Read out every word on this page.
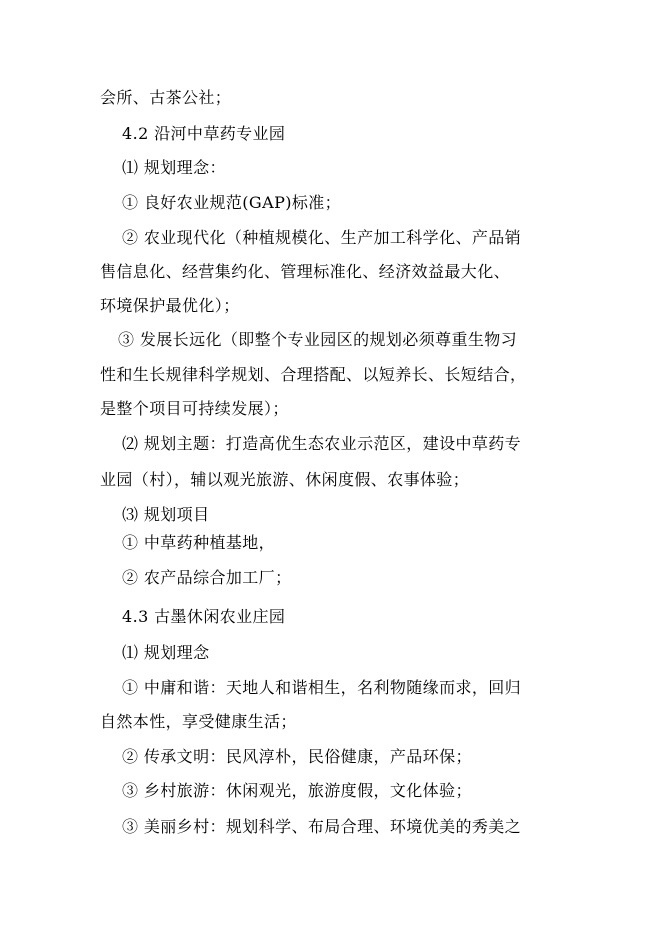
会所、古茶公社；
4.2 沿河中草药专业园
⑴ 规划理念：
① 良好农业规范(GAP)标准；
② 农业现代化（种植规模化、生产加工科学化、产品销
售信息化、经营集约化、管理标准化、经济效益最大化、
环境保护最优化）；
③ 发展长远化（即整个专业园区的规划必须尊重生物习
性和生长规律科学规划、合理搭配、以短养长、长短结合，
是整个项目可持续发展）；
⑵ 规划主题：打造高优生态农业示范区，建设中草药专
业园（村），辅以观光旅游、休闲度假、农事体验；
⑶ 规划项目
① 中草药种植基地，
② 农产品综合加工厂；
4.3 古墨休闲农业庄园
⑴ 规划理念
① 中庸和谐：天地人和谐相生，名利物随缘而求，回归
自然本性，享受健康生活；
② 传承文明：民风淳朴，民俗健康，产品环保；
③ 乡村旅游：休闲观光，旅游度假，文化体验；
③ 美丽乡村：规划科学、布局合理、环境优美的秀美之
